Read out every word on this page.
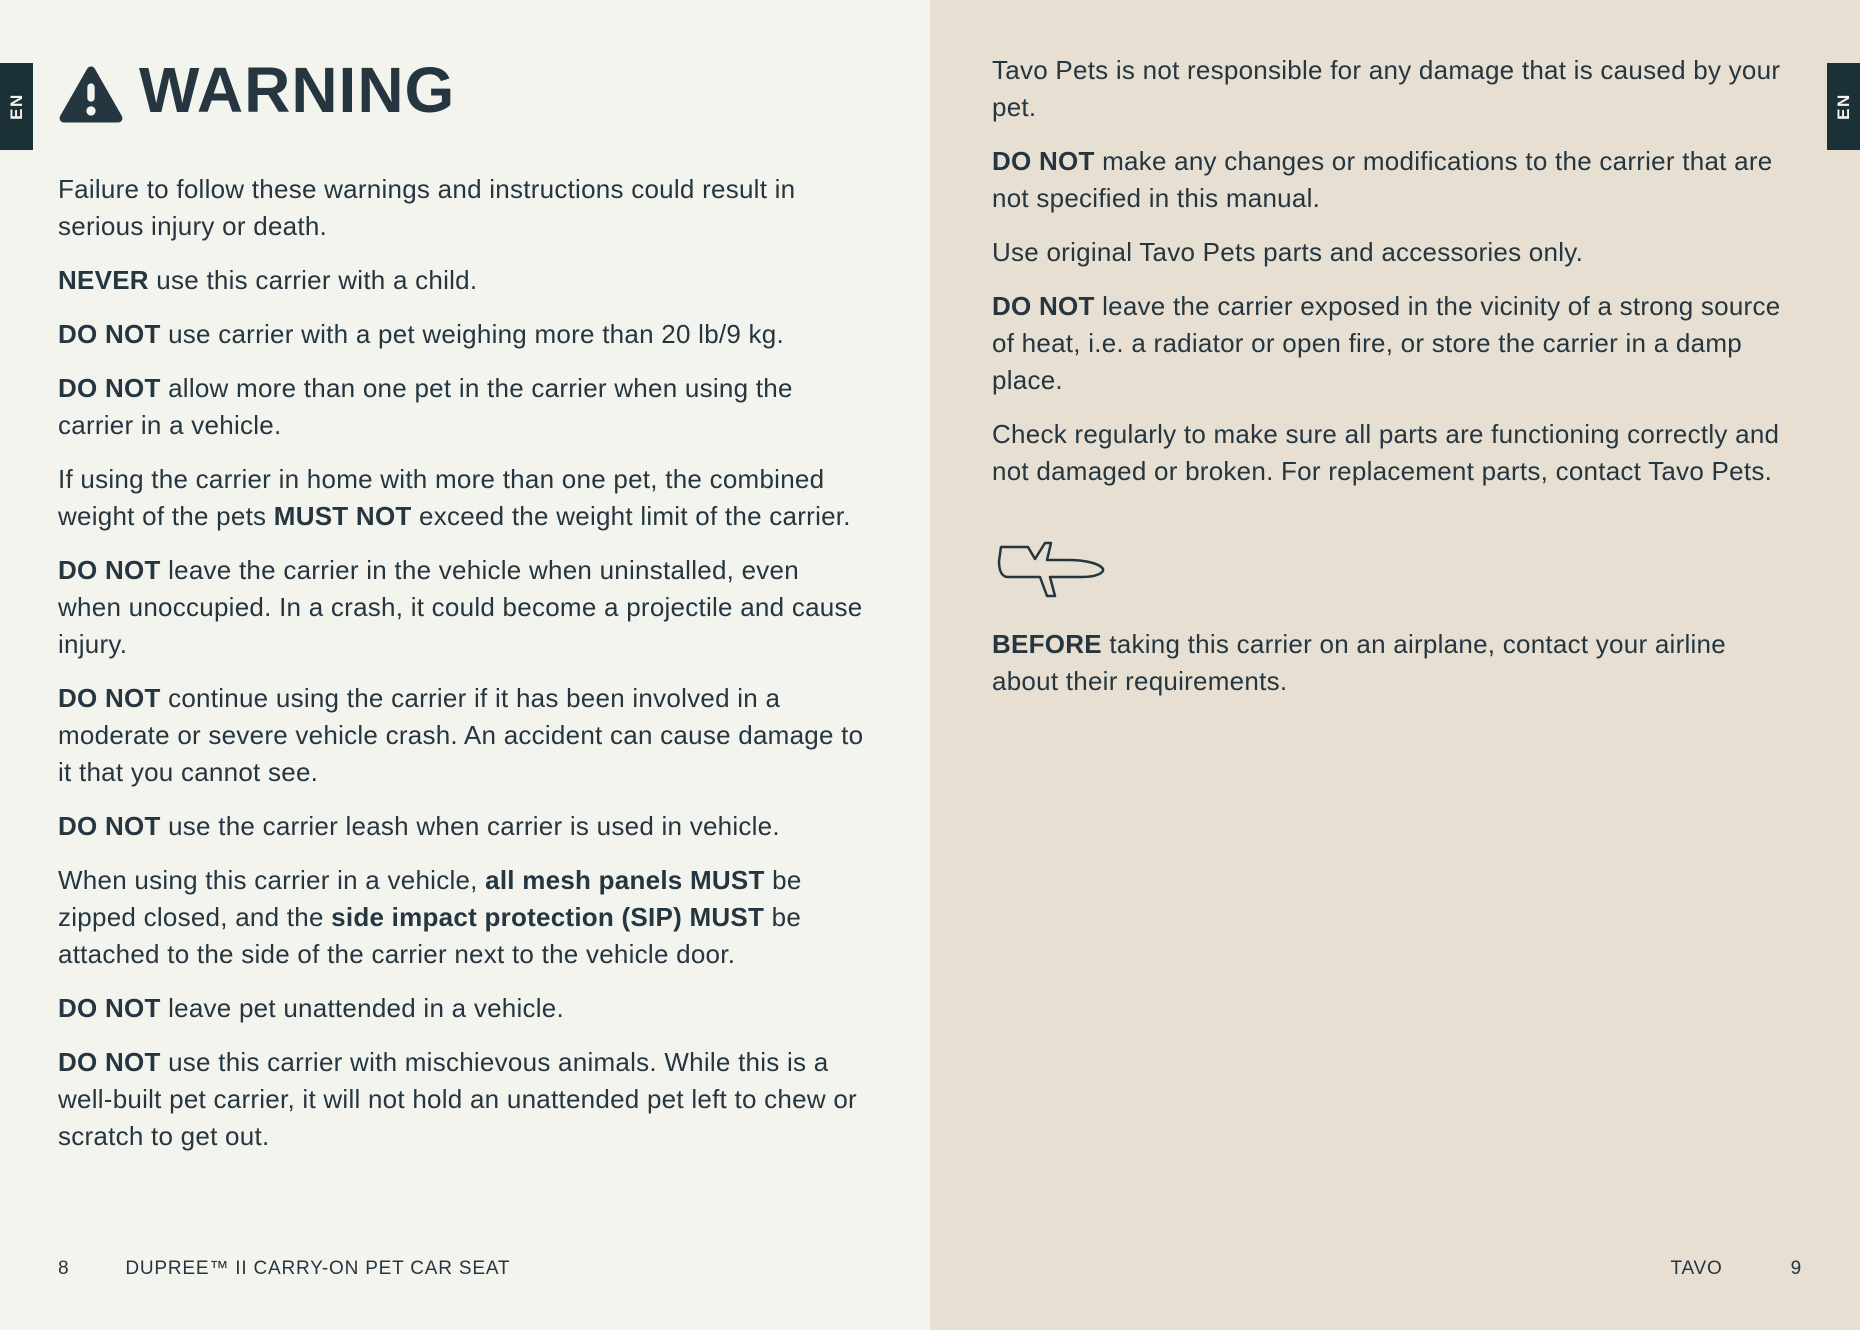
EN WARNING

Failure to follow these warnings and instructions could result in serious injury or death.

NEVER use this carrier with a child.

DO NOT use carrier with a pet weighing more than 20 lb/9 kg.

DO NOT allow more than one pet in the carrier when using the carrier in a vehicle.

If using the carrier in home with more than one pet, the combined weight of the pets MUST NOT exceed the weight limit of the carrier.

DO NOT leave the carrier in the vehicle when uninstalled, even when unoccupied. In a crash, it could become a projectile and cause injury.

DO NOT continue using the carrier if it has been involved in a moderate or severe vehicle crash. An accident can cause damage to it that you cannot see.

DO NOT use the carrier leash when carrier is used in vehicle.

When using this carrier in a vehicle, all mesh panels MUST be zipped closed, and the side impact protection (SIP) MUST be attached to the side of the carrier next to the vehicle door.

DO NOT leave pet unattended in a vehicle.

DO NOT use this carrier with mischievous animals. While this is a well-built pet carrier, it will not hold an unattended pet left to chew or scratch to get out.

8	DUPREE™ II CARRY-ON PET CAR SEAT
EN

Tavo Pets is not responsible for any damage that is caused by your pet.

DO NOT make any changes or modifications to the carrier that are not specified in this manual.

Use original Tavo Pets parts and accessories only.

DO NOT leave the carrier exposed in the vicinity of a strong source of heat, i.e. a radiator or open fire, or store the carrier in a damp place.

Check regularly to make sure all parts are functioning correctly and not damaged or broken. For replacement parts, contact Tavo Pets.

BEFORE taking this carrier on an airplane, contact your airline about their requirements.

TAVO	9
